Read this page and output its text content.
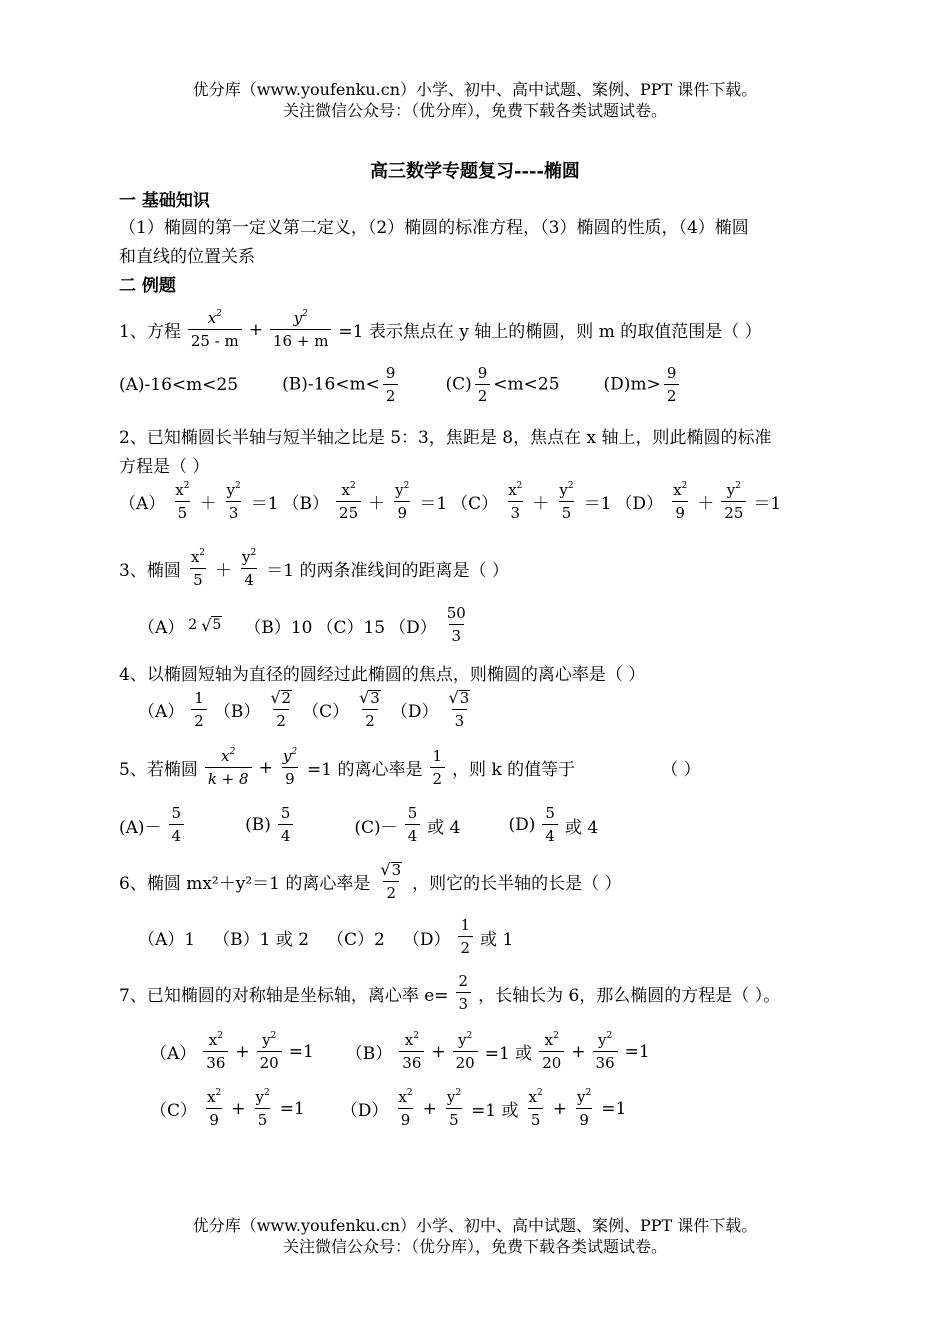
优分库（www.youfenku.cn）小学、初中、高中试题、案例、PPT 课件下载。
关注微信公众号：（优分库），免费下载各类试题试卷。
高三数学专题复习----椭圆
一 基础知识
（1）椭圆的第一定义第二定义，（2）椭圆的标准方程，（3）椭圆的性质，（4）椭圆
和直线的位置关系
二 例题
1、方程 $\frac{x^2}{25 - m} + \frac{y^2}{16 + m} =1$ 表示焦点在 y 轴上的椭圆，则 m 的取值范围是（ ）
(A)-16<m<25	$(B)-16<m< \frac{9}{2}$	$(C) \frac{9}{2} <m<25$	$(D)m> \frac{9}{2}$
2、已知椭圆长半轴与短半轴之比是 5：3，焦距是 8，焦点在 x 轴上，则此椭圆的标准
方程是（ ）
$(A) \frac{x^2}{5} + \frac{y^2}{3} =1$ $(B) \frac{x^2}{25} + \frac{y^2}{9} =1$ $(C) \frac{x^2}{3} + \frac{y^2}{5} =1$ $(D) \frac{x^2}{9} + \frac{y^2}{25} =1$
3、椭圆 $\frac{x^2}{5} + \frac{y^2}{4} =1$ 的两条准线间的距离是（ ）
（A） 2 √ 5 （B）10 （C）15 $(D) \frac{50}{3}$
4、以椭圆短轴为直径的圆经过此椭圆的焦点，则椭圆的离心率是（ ）
$(A) \frac{1}{2} (B) \frac{√ 2}{2} (C) \frac{√ 3}{2} (D) \frac{√ 3}{3}$
5、若椭圆 $\frac{x^2}{k + 8} + \frac{y^2}{9} =1$ 的离心率是 $\frac{1}{2}$ ，则 k 的值等于	（ ）
$(A)- \frac{5}{4}$	$(B) \frac{5}{4}$	$(C)- \frac{5}{4}$ 或 4	$(D) \frac{5}{4}$ 或 4
6、椭圆 mx²＋y²＝1 的离心率是 $\frac{√ 3}{2}$ ，则它的长半轴的长是（ ）
（A）1 （B）1 或 2 （C）2 $(D) \frac{1}{2}$ 或 1
7、已知椭圆的对称轴是坐标轴，离心率 $e= \frac{2}{3}$ ，长轴长为 6，那么椭圆的方程是（ ）。
$(A) \frac{x^2}{36} + \frac{y^2}{20} =1$ $(B) \frac{x^2}{36} + \frac{y^2}{20} =1$ 或 $\frac{x^2}{20} + \frac{y^2}{36} =1$
$(C) \frac{x^2}{9} + \frac{y^2}{5} =1$ $(D) \frac{x^2}{9} + \frac{y^2}{5} =1$ 或 $\frac{x^2}{5} + \frac{y^2}{9} =1$
优分库（www.youfenku.cn）小学、初中、高中试题、案例、PPT 课件下载。
关注微信公众号：（优分库），免费下载各类试题试卷。
